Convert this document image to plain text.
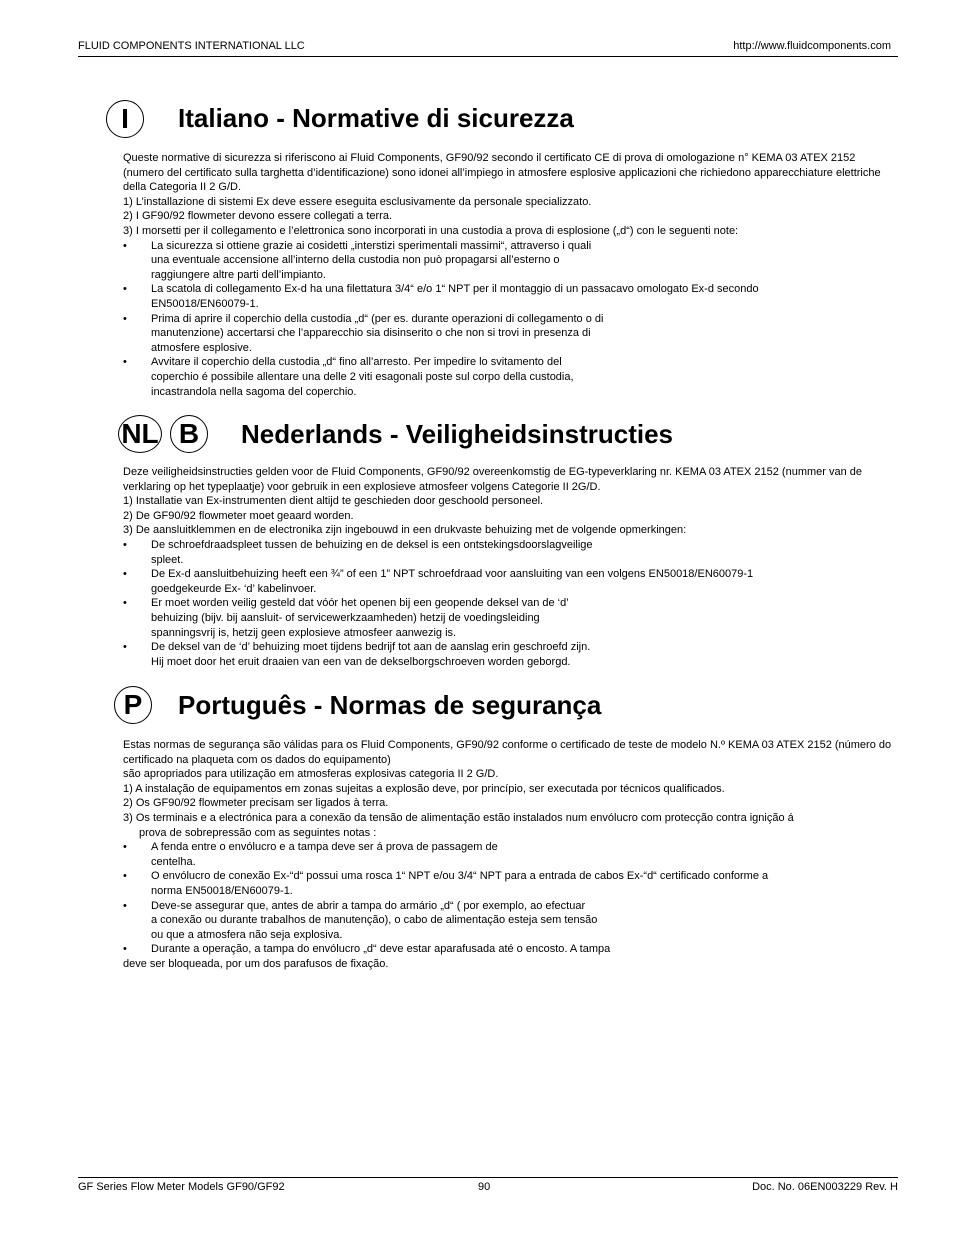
FLUID COMPONENTS INTERNATIONAL LLC	http://www.fluidcomponents.com
I	Italiano - Normative di sicurezza

Queste normative di sicurezza si riferiscono ai Fluid Components, GF90/92 secondo il certificato CE di prova di omologazione n° KEMA 03 ATEX 2152 (numero del certificato sulla targhetta d’identificazione) sono idonei all’impiego in atmosfere esplosive applicazioni che richiedono apparecchiature elettriche della Categoria II 2 G/D.

1) L’installazione di sistemi Ex deve essere eseguita esclusivamente da personale specializzato.

2) I GF90/92 flowmeter devono essere collegati a terra.

3) I morsetti per il collegamento e l’elettronica sono incorporati in una custodia a prova di esplosione („d“) con le seguenti note:

• La sicurezza si ottiene grazie ai cosidetti „interstizi sperimentali massimi“, attraverso i quali
una eventuale accensione all’interno della custodia non può propagarsi all’esterno o
raggiungere altre parti dell’impianto.
• La scatola di collegamento Ex-d ha una filettatura 3/4“ e/o 1“ NPT per il montaggio di un passacavo omologato Ex-d secondo
EN50018/EN60079-1.
• Prima di aprire il coperchio della custodia „d“ (per es. durante operazioni di collegamento o di
manutenzione) accertarsi che l’apparecchio sia disinserito o che non si trovi in presenza di
atmosfere esplosive.
• Avvitare il coperchio della custodia „d“ fino all’arresto. Per impedire lo svitamento del
coperchio é possibile allentare una delle 2 viti esagonali poste sul corpo della custodia,
incastrandola nella sagoma del coperchio.
NL B	Nederlands - Veiligheidsinstructies

Deze veiligheidsinstructies gelden voor de Fluid Components, GF90/92 overeenkomstig de EG-typeverklaring nr. KEMA 03 ATEX 2152 (nummer van de verklaring op het typeplaatje) voor gebruik in een explosieve atmosfeer volgens Categorie II 2G/D.

1) Installatie van Ex-instrumenten dient altijd te geschieden door geschoold personeel.

2) De GF90/92 flowmeter moet geaard worden.

3) De aansluitklemmen en de electronika zijn ingebouwd in een drukvaste behuizing met de volgende opmerkingen:

• De schroefdraadspleet tussen de behuizing en de deksel is een ontstekingsdoorslagveilige
spleet.
• De Ex-d aansluitbehuizing heeft een ¾” of een 1” NPT schroefdraad voor aansluiting van een volgens EN50018/EN60079-1
goedgekeurde Ex- ‘d’ kabelinvoer.
• Er moet worden veilig gesteld dat vóór het openen bij een geopende deksel van de ‘d’
behuizing (bijv. bij aansluit- of servicewerkzaamheden) hetzij de voedingsleiding
spanningsvrij is, hetzij geen explosieve atmosfeer aanwezig is.
• De deksel van de ‘d’ behuizing moet tijdens bedrijf tot aan de aanslag erin geschroefd zijn.
Hij moet door het eruit draaien van een van de dekselborgschroeven worden geborgd.
P	Português - Normas de segurança

Estas normas de segurança são válidas para os Fluid Components, GF90/92 conforme o certificado de teste de modelo N.º KEMA 03 ATEX 2152 (número do certificado na plaqueta com os dados do equipamento)

são apropriados para utilização em atmosferas explosivas categoria II 2 G/D.

1) A instalação de equipamentos em zonas sujeitas a explosão deve, por princípio, ser executada por técnicos qualificados.

2) Os GF90/92 flowmeter precisam ser ligados à terra.

3) Os terminais e a electrónica para a conexão da tensão de alimentação estão instalados num envólucro com protecção contra ignição á

prova de sobrepressão com as seguintes notas :

• A fenda entre o envólucro e a tampa deve ser á prova de passagem de
centelha.
• O envólucro de conexão Ex-“d“ possui uma rosca 1“ NPT e/ou 3/4“ NPT para a entrada de cabos Ex-“d“ certificado conforme a
norma EN50018/EN60079-1.
• Deve-se assegurar que, antes de abrir a tampa do armário „d“ ( por exemplo, ao efectuar
a conexão ou durante trabalhos de manutenção), o cabo de alimentação esteja sem tensão
ou que a atmosfera não seja explosiva.
• Durante a operação, a tampa do envólucro „d“ deve estar aparafusada até o encosto. A tampa

deve ser bloqueada, por um dos parafusos de fixação.

GF Series Flow Meter Models GF90/GF92	90	Doc. No. 06EN003229 Rev. H
